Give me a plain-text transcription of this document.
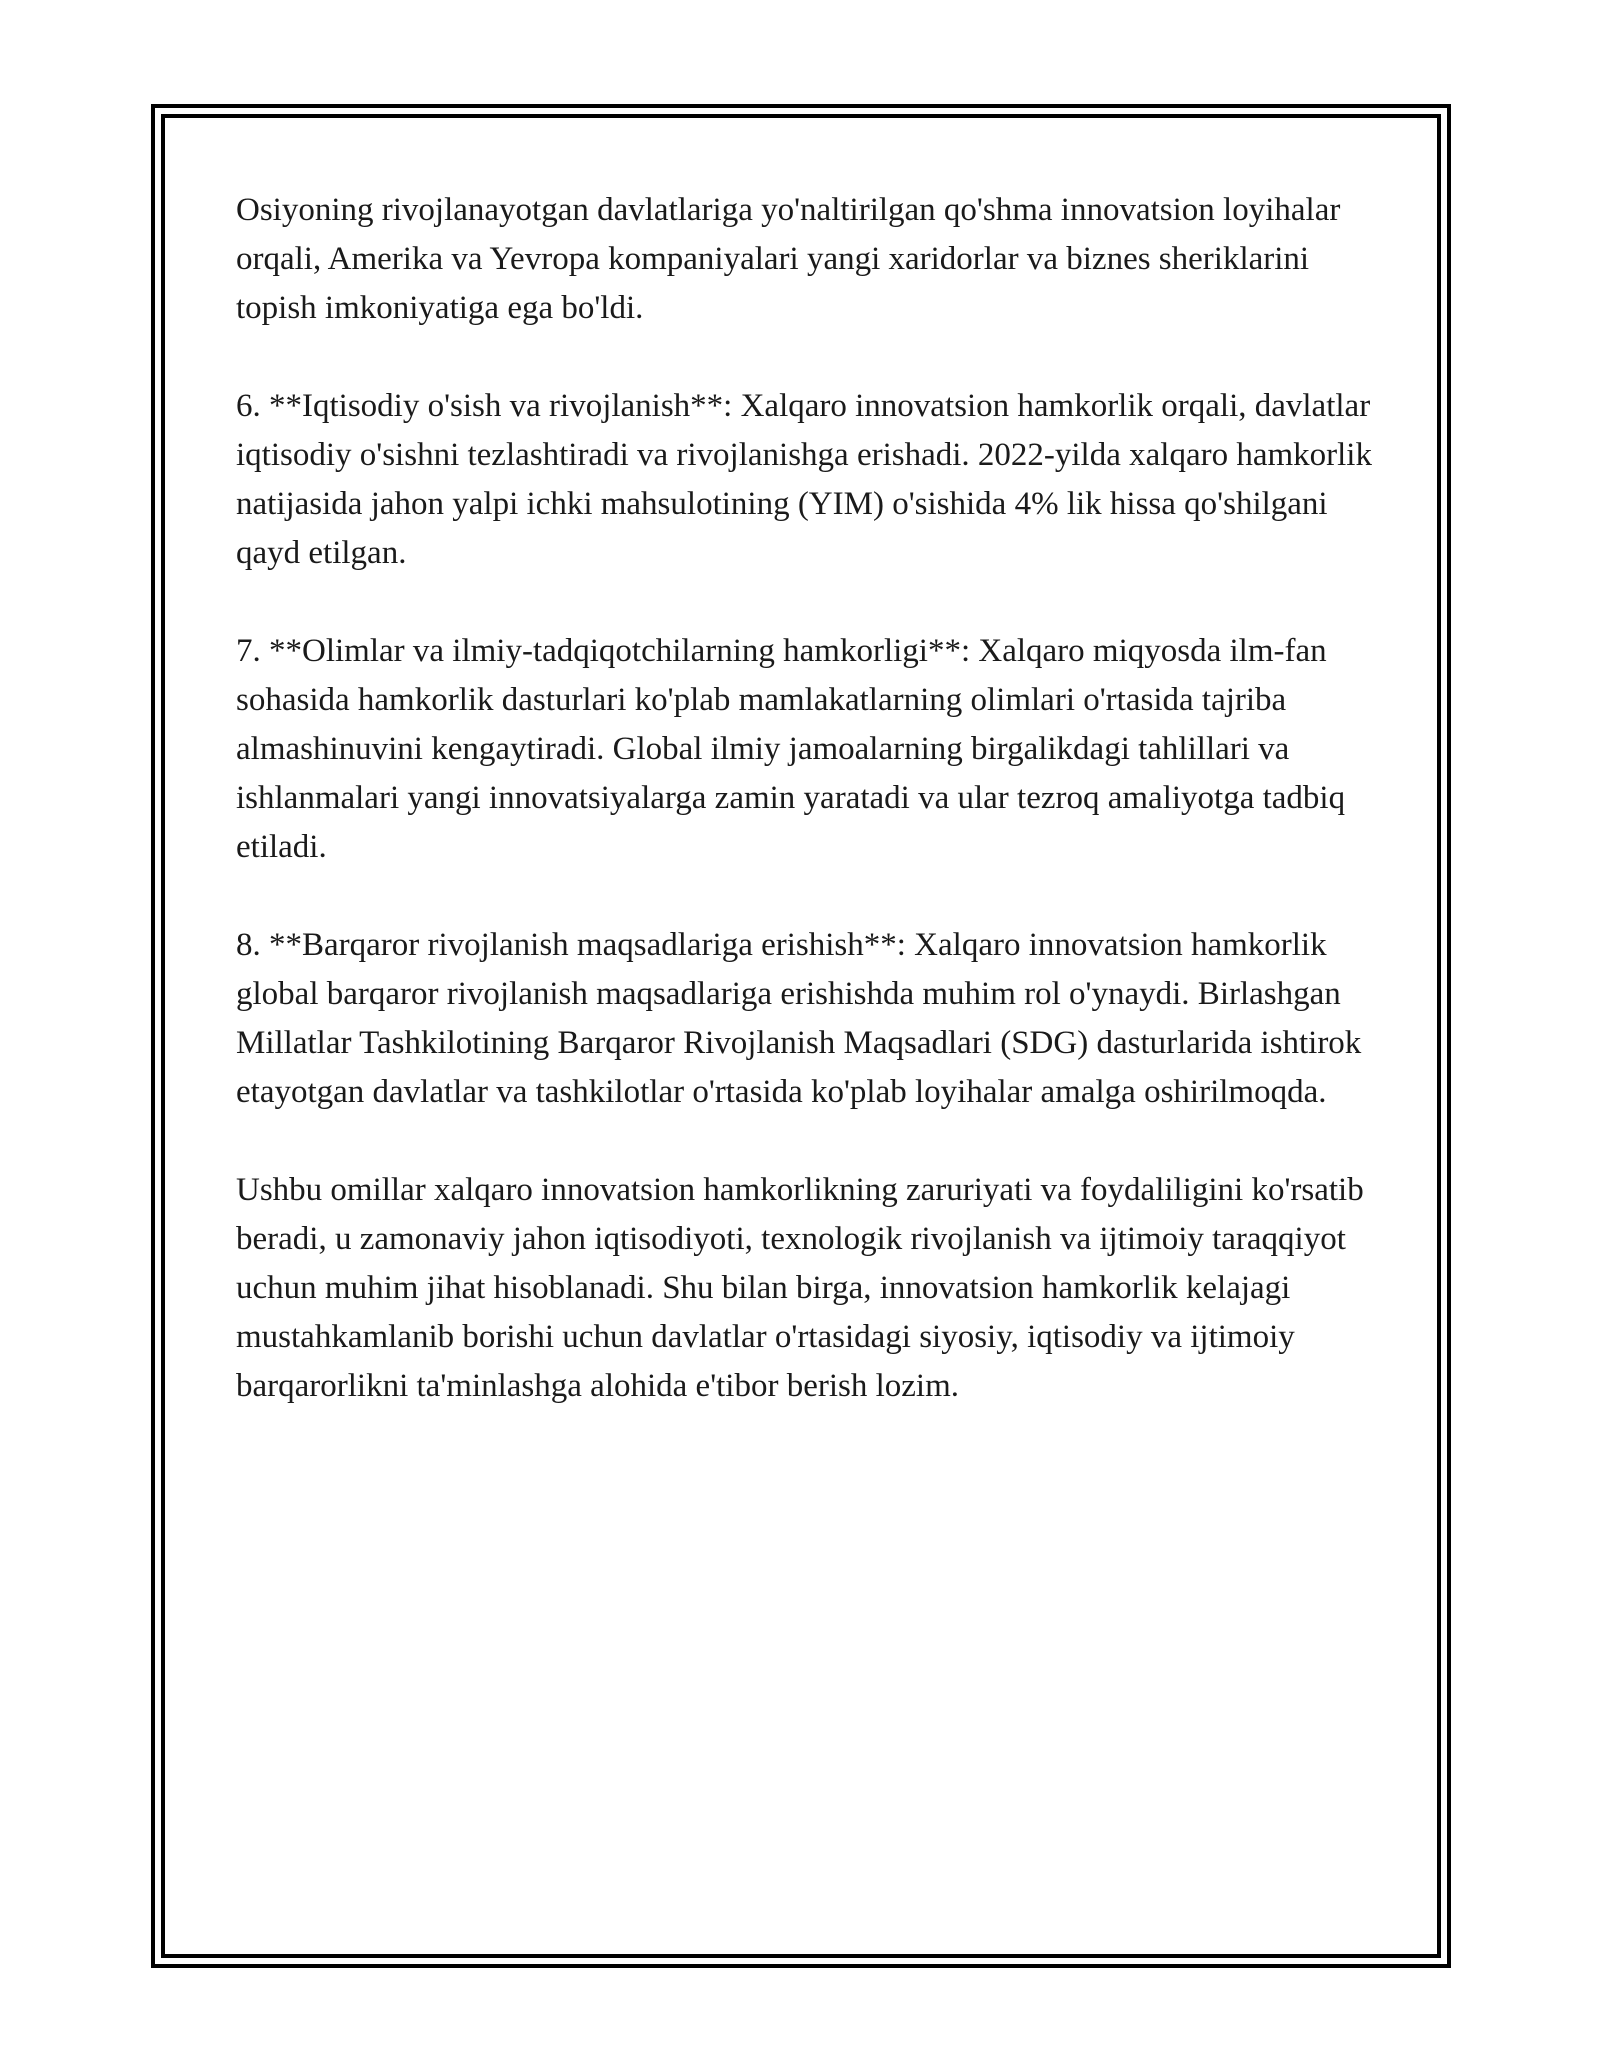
Osiyoning rivojlanayotgan davlatlariga yo'naltirilgan qo'shma innovatsion loyihalar orqali, Amerika va Yevropa kompaniyalari yangi xaridorlar va biznes sheriklarini topish imkoniyatiga ega bo'ldi.

6. **Iqtisodiy o'sish va rivojlanish**: Xalqaro innovatsion hamkorlik orqali, davlatlar iqtisodiy o'sishni tezlashtiradi va rivojlanishga erishadi. 2022-yilda xalqaro hamkorlik natijasida jahon yalpi ichki mahsulotining (YIM) o'sishida 4% lik hissa qo'shilgani qayd etilgan.

7. **Olimlar va ilmiy-tadqiqotchilarning hamkorligi**: Xalqaro miqyosda ilm-fan sohasida hamkorlik dasturlari ko'plab mamlakatlarning olimlari o'rtasida tajriba almashinuvini kengaytiradi. Global ilmiy jamoalarning birgalikdagi tahlillari va ishlanmalari yangi innovatsiyalarga zamin yaratadi va ular tezroq amaliyotga tadbiq etiladi.

8. **Barqaror rivojlanish maqsadlariga erishish**: Xalqaro innovatsion hamkorlik global barqaror rivojlanish maqsadlariga erishishda muhim rol o'ynaydi. Birlashgan Millatlar Tashkilotining Barqaror Rivojlanish Maqsadlari (SDG) dasturlarida ishtirok etayotgan davlatlar va tashkilotlar o'rtasida ko'plab loyihalar amalga oshirilmoqda.

Ushbu omillar xalqaro innovatsion hamkorlikning zaruriyati va foydaliligini ko'rsatib beradi, u zamonaviy jahon iqtisodiyoti, texnologik rivojlanish va ijtimoiy taraqqiyot uchun muhim jihat hisoblanadi. Shu bilan birga, innovatsion hamkorlik kelajagi mustahkamlanib borishi uchun davlatlar o'rtasidagi siyosiy, iqtisodiy va ijtimoiy barqarorlikni ta'minlashga alohida e'tibor berish lozim.
